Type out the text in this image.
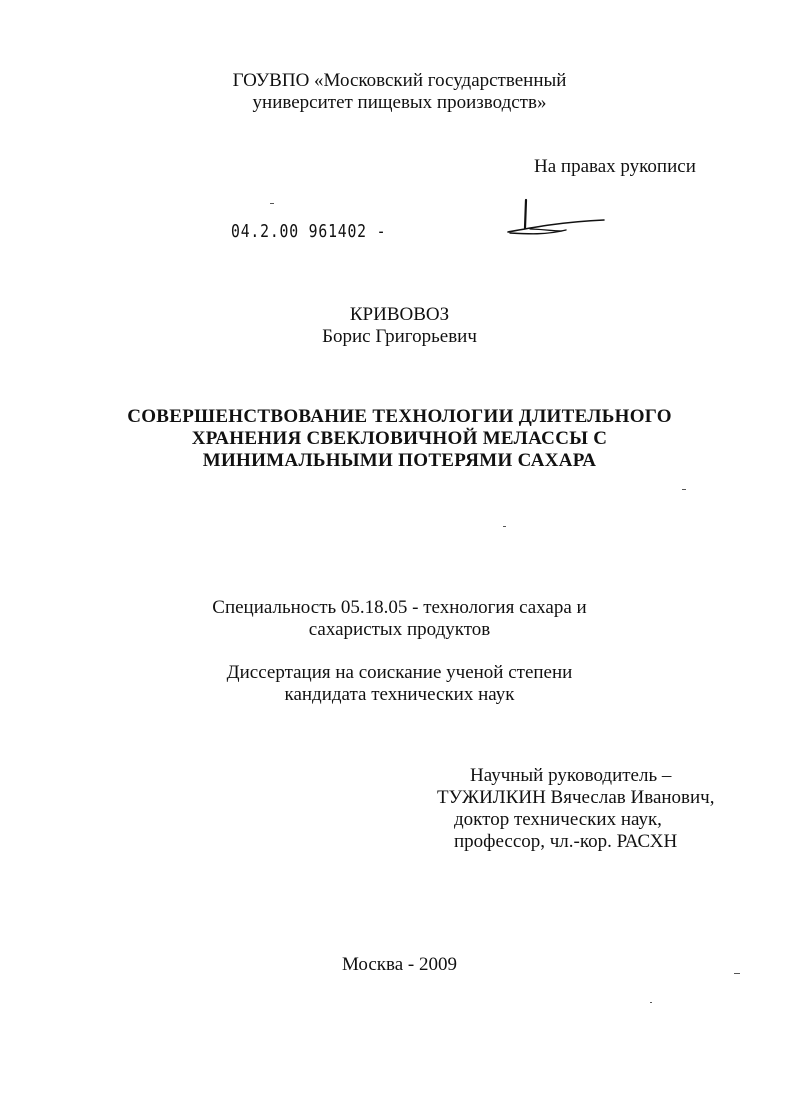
ГОУВПО «Московский государственный
университет пищевых производств»
На правах рукописи
04.2.00 961402 -
КРИВОВОЗ
Борис Григорьевич
СОВЕРШЕНСТВОВАНИЕ ТЕХНОЛОГИИ ДЛИТЕЛЬНОГО
ХРАНЕНИЯ СВЕКЛОВИЧНОЙ МЕЛАССЫ С
МИНИМАЛЬНЫМИ ПОТЕРЯМИ САХАРА
Специальность 05.18.05 - технология сахара и
сахаристых продуктов
Диссертация на соискание ученой степени
кандидата технических наук
Научный руководитель –
ТУЖИЛКИН Вячеслав Иванович,
доктор технических наук,
профессор, чл.-кор. РАСХН
Москва - 2009
